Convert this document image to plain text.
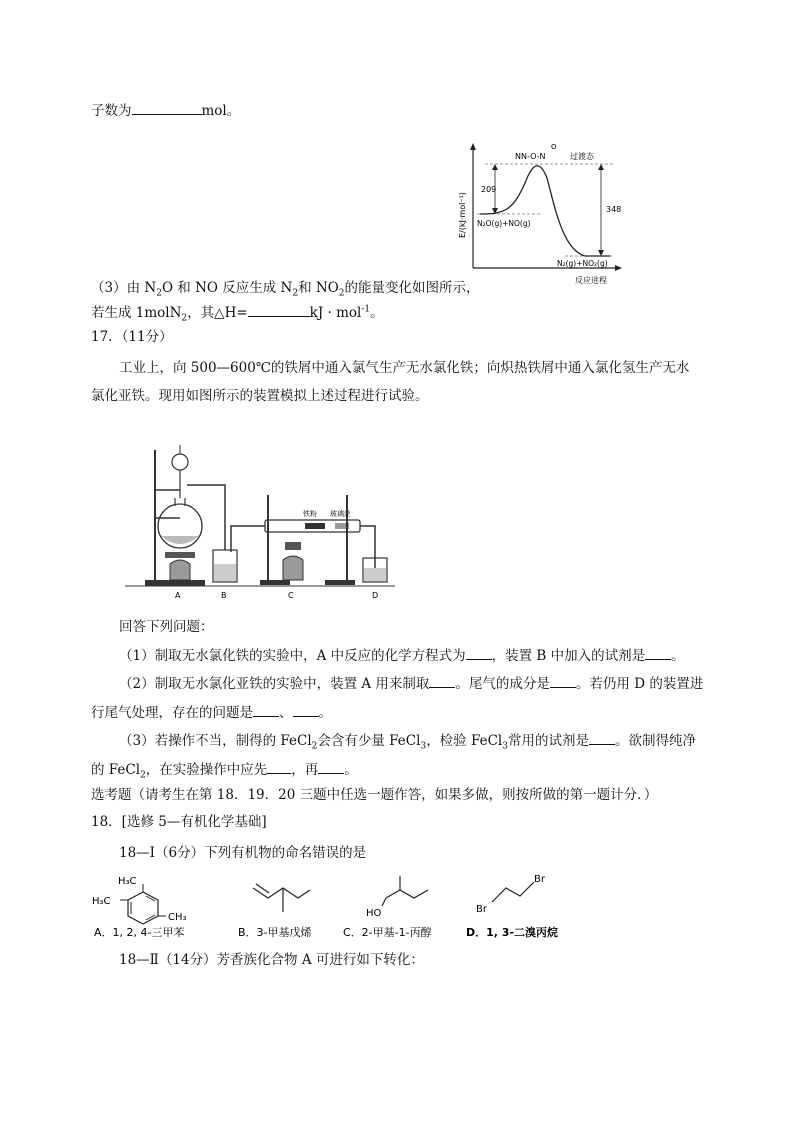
子数为	mol。
E/(kJ·mol⁻¹)
反应进程
NN-O-N
O
过渡态
209
348
N₂O(g)+NO(g)
N₂(g)+NO₂(g)
（3）由 $N_2O$ 和 NO 反应生成 $N_2$和 $NO_2$的能量变化如图所示，
若生成 1molN$_2$，其△H=	kJ · mol$^{-1}$。
17．（11分）
工业上，向 500—600℃的铁屑中通入氯气生产无水氯化铁；向炽热铁屑中通入氯化氢生产无水
氯化亚铁。现用如图所示的装置模拟上述过程进行试验。
铁粉 玻璃丝
A	B	C	D
回答下列问题：
（1）制取无水氯化铁的实验中，A 中反应的化学方程式为 ，装置 B 中加入的试剂是 。
（2）制取无水氯化亚铁的实验中，装置 A 用来制取 。尾气的成分是 。若仍用 D 的装置进
行尾气处理，存在的问题是 、 。
（3）若操作不当，制得的 FeCl$_2$会含有少量 FeCl$_3$，检验 FeCl$_3$常用的试剂是 。欲制得纯净
的 FeCl$_2$，在实验操作中应先 ，再 。
选考题（请考生在第 18．19．20 三题中任选一题作答，如果多做，则按所做的第一题计分．）
18．[选修 5—有机化学基础]
18—Ⅰ（6分）下列有机物的命名错误的是
H₃C
H₃C
CH₃
A．1, 2, 4-三甲苯	B．3-甲基戊烯
HO
C．2-甲基-1-丙醇
Br
Br
D．1, 3-二溴丙烷
18—Ⅱ（14分）芳香族化合物 A 可进行如下转化：
